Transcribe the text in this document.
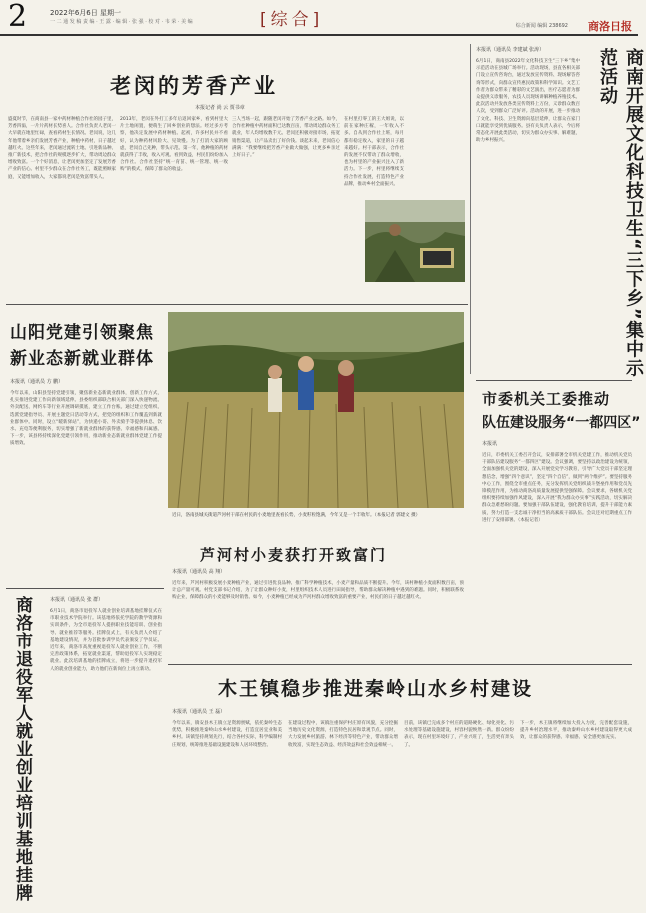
2	2022年6月6日 星期一
一 二 通 发 稿 责 编 · 王 露 · 编 辑 · 张 强 · 校 对 · 韦 荣 · 美 编	[综合]	综合新闻 编辑 238692 商洛日报
老闵的芳香产业
本报记者 尚 云 贾书章
盛夏时节，在商南县一家中药材种植合作社的园子里，芳香四溢，一片片药材长势喜人。合作社负责人老闵一大早就在地里忙碌，查看药材生长情况。老闵说，这几年他带着乡亲们发展芳香产业，种植中药材，日子越过越红火。这些年来，老闵通过流转土地、引进新品种、推广新技术，把合作社的规模逐步扩大，带动周边群众增收致富。一个个好消息，让老闵更加坚定了发展芳香产业的信心。村里不少群众在合作社务工，既能照顾家庭，又能增加收入，大家都说老闵是致富带头人。
2013年，老闵在外打工多年后返回家乡，看到村里大片土地闲置，便萌生了回乡创业的想法。经过多方考察，他决定发展中药材种植。起初，许多村民并不看好，认为种药材风险大、见效慢。为了打消大家的顾虑，老闵自己先种，带头示范。第一年，他种植的药材就获得了丰收，收入可观。看到效益，村民们纷纷加入合作社。合作社坚持“统一育苗、统一管理、统一收购”的模式，保障了群众的收益。
三人当场一起，跟随老闵开始了芳香产业之路。如今，合作社种植中药材面积已达数百亩，带动周边群众务工就业，年人均增收数千元。老闵还积极对接市场，拓宽销售渠道，让产品卖出了好价钱。谈起未来，老闵信心满满：“我要继续把芳香产业做大做强，让更多乡亲过上好日子。”
在村里打零工的王大姐说，以前在家种庄稼，一年收入不多。自从到合作社上班，每月都有稳定收入，家里的日子越来越好。村干部表示，合作社的发展不仅带动了群众增收，也为村里的产业振兴注入了新活力。下一步，村里将继续支持合作社发展，打造特色产业品牌，推动乡村全面振兴。
本报讯（通讯员 李建斌 张涛）
6月1日，商南县2022年文化科技卫生“三下乡”集中示范活动在县城广场举行。活动现场，县直各相关部门设立宣传咨询台，通过发放宣传资料、现场解答咨询等形式，向群众宣传惠民政策和科学知识。文艺工作者为群众带来了精彩的文艺演出，医疗志愿者为群众提供义诊服务，农技人员现场讲解种植养殖技术。此次活动共发放各类宣传资料上万份，义诊群众数百人次，受到群众广泛好评。活动的开展，进一步推动了文化、科技、卫生资源向基层延伸，让群众在家门口就能享受到优质服务。县有关负责人表示，今后将常态化开展此类活动，切实为群众办实事、解难题，助力乡村振兴。	商南开展文化科技卫生“三下乡”集中示范活动
山阳党建引领聚焦
新业态新就业群体
本报讯（通讯员 方 鹏）
今年以来，山阳县坚持党建引领，聚焦新业态新就业群体，创新工作方式，扎实推进党建工作向新领域延伸。县委组织部联合相关部门深入快递物流、外卖配送、网约车等行业开展调研摸底，建立工作台账。通过建立党组织、选派党建指导员、开展主题党日活动等方式，把党的组织和工作覆盖到新就业群体中。同时，设立“暖新驿站”，为快递小哥、外卖骑手等提供休息、饮水、充电等便利服务，切实增强了新就业群体的获得感、幸福感和归属感。下一步，该县将持续深化党建引领作用，推动新业态新就业群体党建工作提质增效。
近日，洛南县城关街道芦河村干部在村民的小麦地里查看长势，小麦籽粒饱满，今年又是一个丰收年。（本报记者 郭建文 摄）
商洛市退役军人就业创业培训基地挂牌	本报讯（通讯员 张 群）
6月1日，商洛市退役军人就业创业培训基地挂牌仪式在市职业技术学院举行。该基地将依托学院的教学资源和实训条件，为全市退役军人提供职业技能培训、创业指导、就业推荐等服务。挂牌仪式上，有关负责人介绍了基地建设情况，并为首批参训学员代表颁发了学员证。近年来，商洛市高度重视退役军人就业创业工作，不断完善政策体系，拓宽就业渠道，帮助退役军人实现稳定就业。此次培训基地的挂牌成立，将进一步提升退役军人的就业创业能力，助力他们在新岗位上再立新功。
芦河村小麦获打开致富门
本报讯（通讯员 高 翔）
近年来，芦河村积极发展小麦种植产业，通过引进优良品种、推广科学种植技术，小麦产量和品质不断提升。今年，该村种植小麦面积数百亩，预计总产量可观。村党支部书记介绍，为了让群众种好小麦，村里组织技术人员进行田间指导，帮助群众解决种植中遇到的难题。同时，积极联系收购企业，保障群众的小麦能够及时销售。如今，小麦种植已经成为芦河村群众增收致富的重要产业，村民们的日子越过越红火。
市委机关工委推动
队伍建设服务“一都四区”
本报讯
近日，市委机关工委召开会议，安排部署全市机关党建工作，推动机关党员干部队伍建设服务“一都四区”建设。会议强调，要坚持以政治建设为统领，全面加强机关党的建设，深入开展党史学习教育，引导广大党员干部坚定理想信念，增强“四个意识”，坚定“四个自信”，做到“两个维护”。要坚持服务中心工作，围绕全市重点任务，充分发挥机关党组织战斗堡垒作用和党员先锋模范作用，为推动商洛高质量发展提供坚强保障。会议要求，各级机关党组织要持续加强作风建设，深入开展“我为群众办实事”实践活动，切实解决群众急难愁盼问题。要加强干部队伍建设，强化教育培训，提升干部能力素质，努力打造一支忠诚干净担当的高素质干部队伍。会议还对近期重点工作进行了安排部署。（本报记者）
木王镇稳步推进秦岭山水乡村建设
本报讯（通讯员 王 磊）
今年以来，镇安县木王镇立足资源禀赋，依托秦岭生态优势，积极推进秦岭山水乡村建设，打造宜居宜业和美乡村。该镇坚持规划先行，结合各村实际，科学编制村庄规划，统筹推进基础设施建设和人居环境整治。
在建设过程中，该镇注重保护村庄原有风貌，充分挖掘当地历史文化资源，打造特色民居和景观节点。同时，大力发展乡村旅游、林下经济等特色产业，带动群众增收致富，实现生态效益、经济效益和社会效益相统一。
目前，该镇已完成多个村庄的道路硬化、绿化亮化、污水处理等基础设施建设，村容村貌焕然一新。群众纷纷表示，现在村里环境好了，产业兴旺了，生活更有奔头了。
下一步，木王镇将继续加大投入力度，完善配套设施，提升乡村治理水平，推动秦岭山水乡村建设取得更大成效，让群众的获得感、幸福感、安全感更加充实。
